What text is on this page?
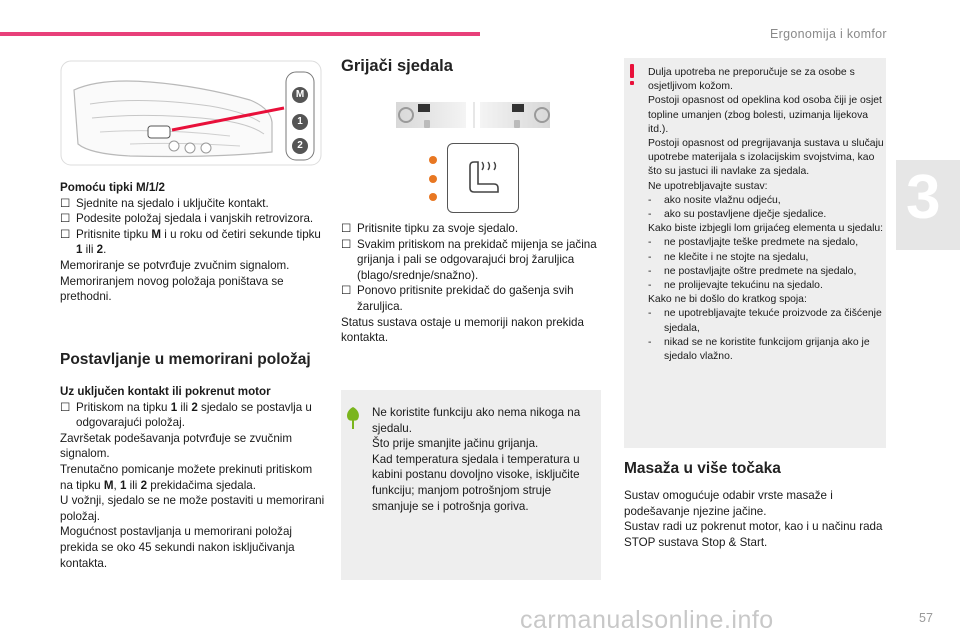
Ergonomija i komfor
3
M
1
2
Pomoću tipki M/1/2
☐ Sjednite na sjedalo i uključite kontakt.
☐ Podesite položaj sjedala i vanjskih retrovizora.
☐ Pritisnite tipku M i u roku od četiri sekunde tipku 1 ili 2.
Memoriranje se potvrđuje zvučnim signalom.
Memoriranjem novog položaja poništava se prethodni.
Postavljanje u memorirani položaj
Uz uključen kontakt ili pokrenut motor
☐ Pritiskom na tipku 1 ili 2 sjedalo se postavlja u odgovarajući položaj.
Završetak podešavanja potvrđuje se zvučnim signalom.
Trenutačno pomicanje možete prekinuti pritiskom na tipku M, 1 ili 2 prekidačima sjedala.
U vožnji, sjedalo se ne može postaviti u memorirani položaj.
Mogućnost postavljanja u memorirani položaj prekida se oko 45 sekundi nakon isključivanja kontakta.
Grijači sjedala
☐ Pritisnite tipku za svoje sjedalo.
☐ Svakim pritiskom na prekidač mijenja se jačina grijanja i pali se odgovarajući broj žaruljica (blago/srednje/snažno).
☐ Ponovo pritisnite prekidač do gašenja svih žaruljica.
Status sustava ostaje u memoriji nakon prekida kontakta.
Ne koristite funkciju ako nema nikoga na sjedalu.
Što prije smanjite jačinu grijanja.
Kad temperatura sjedala i temperatura u kabini postanu dovoljno visoke, isključite funkciju; manjom potrošnjom struje smanjuje se i potrošnja goriva.
Dulja upotreba ne preporučuje se za osobe s osjetljivom kožom.
Postoji opasnost od opeklina kod osoba čiji je osjet topline umanjen (zbog bolesti, uzimanja lijekova itd.).
Postoji opasnost od pregrijavanja sustava u slučaju upotrebe materijala s izolacijskim svojstvima, kao što su jastuci ili navlake za sjedala.
Ne upotrebljavajte sustav:
- ako nosite vlažnu odjeću,
- ako su postavljene dječje sjedalice.
Kako biste izbjegli lom grijaćeg elementa u sjedalu:
- ne postavljajte teške predmete na sjedalo,
- ne klečite i ne stojte na sjedalu,
- ne postavljajte oštre predmete na sjedalo,
- ne prolijevajte tekućinu na sjedalo.
Kako ne bi došlo do kratkog spoja:
- ne upotrebljavajte tekuće proizvode za čišćenje sjedala,
- nikad se ne koristite funkcijom grijanja ako je sjedalo vlažno.
Masaža u više točaka
Sustav omogućuje odabir vrste masaže i podešavanje njezine jačine.
Sustav radi uz pokrenut motor, kao i u načinu rada STOP sustava Stop & Start.
carmanualsonline.info	57
